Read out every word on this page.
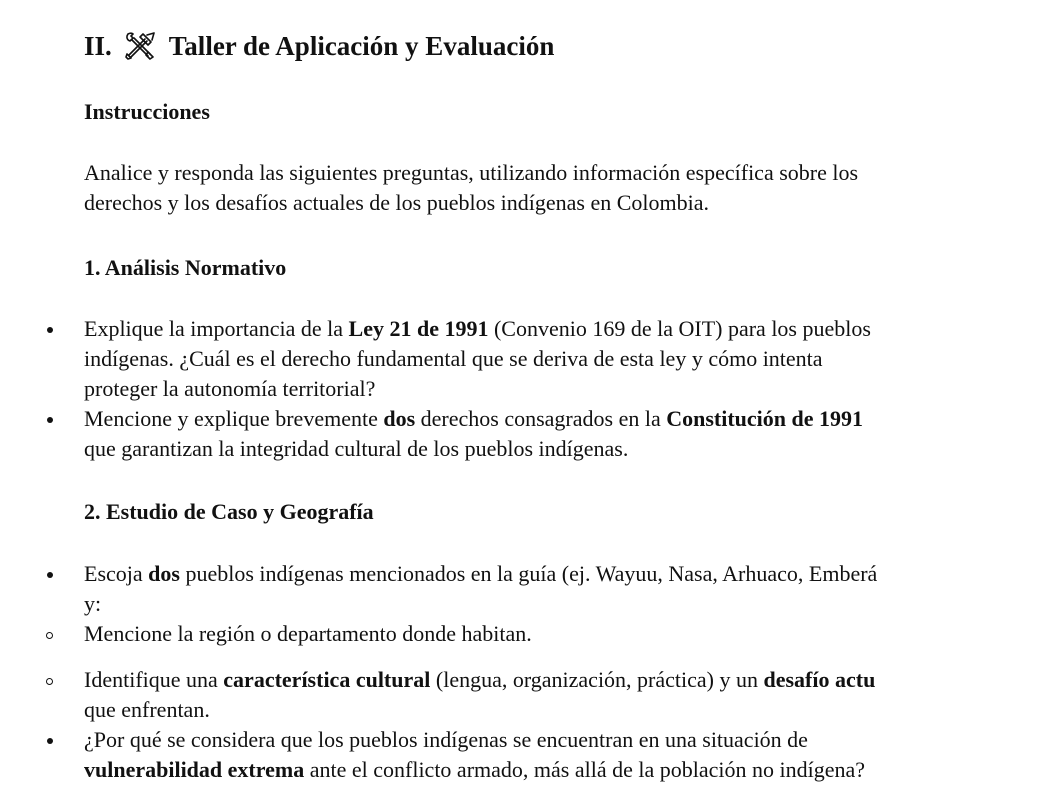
II. Taller de Aplicación y Evaluación
Instrucciones
Analice y responda las siguientes preguntas, utilizando información específica sobre los
derechos y los desafíos actuales de los pueblos indígenas en Colombia.
1. Análisis Normativo
Explique la importancia de la Ley 21 de 1991 (Convenio 169 de la OIT) para los pueblos
indígenas. ¿Cuál es el derecho fundamental que se deriva de esta ley y cómo intenta
proteger la autonomía territorial?
Mencione y explique brevemente dos derechos consagrados en la Constitución de 1991
que garantizan la integridad cultural de los pueblos indígenas.
2. Estudio de Caso y Geografía
Escoja dos pueblos indígenas mencionados en la guía (ej. Wayuu, Nasa, Arhuaco, Emberá
y:
Mencione la región o departamento donde habitan.
Identifique una característica cultural (lengua, organización, práctica) y un desafío actu
que enfrentan.
¿Por qué se considera que los pueblos indígenas se encuentran en una situación de
vulnerabilidad extrema ante el conflicto armado, más allá de la población no indígena?
